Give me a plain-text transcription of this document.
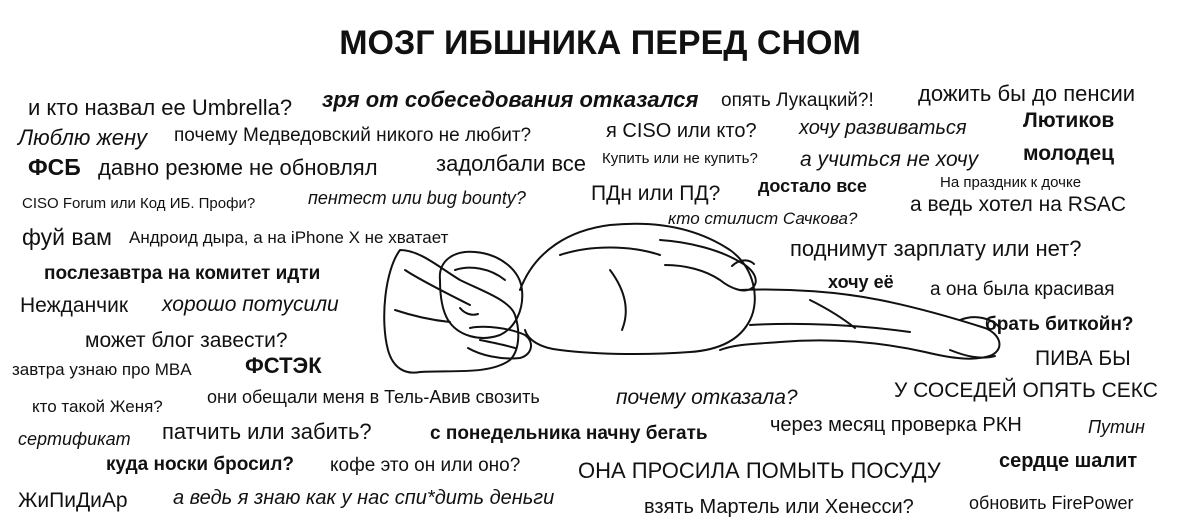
МОЗГ ИБШНИКА ПЕРЕД СНОМ
и кто назвал ее Umbrella? зря от собеседования отказался опять Лукацкий?! дожить бы до пенсии
Люблю жену почему Медведовский никого не любит?	я CISO или кто? хочу развиваться	Лютиков
молодец
ФСБ давно резюме не обновлял	задолбали все Купить или не купить? а учиться не хочу
На праздник к дочке
CISO Forum или Код ИБ. Профи?	пентест или bug bounty?	ПДн или ПД? достало все
кто стилист Сачкова?
а ведь хотел на RSAC
фуй вам Андроид дыра, а на iPhone X не хватает	поднимут зарплату или нет?
послезавтра на комитет идти	хочу её а она была красивая
Нежданчик хорошо потусили
брать биткойн?
может блог завести?
ПИВА БЫ
завтра узнаю про MBA ФСТЭК
У СОСЕДЕЙ ОПЯТЬ СЕКС
кто такой Женя? они обещали меня в Тель-Авив свозить	почему отказала?
через месяц проверка РКН	Путин
сертификат патчить или забить?	с понедельника начну бегать
куда носки бросил? кофе это он или оно?	ОНА ПРОСИЛА ПОМЫТЬ ПОСУДУ	сердце шалит
ЖиПиДиАр а ведь я знаю как у нас спи*дить деньги	взять Мартель или Хенесси?	обновить FirePower
